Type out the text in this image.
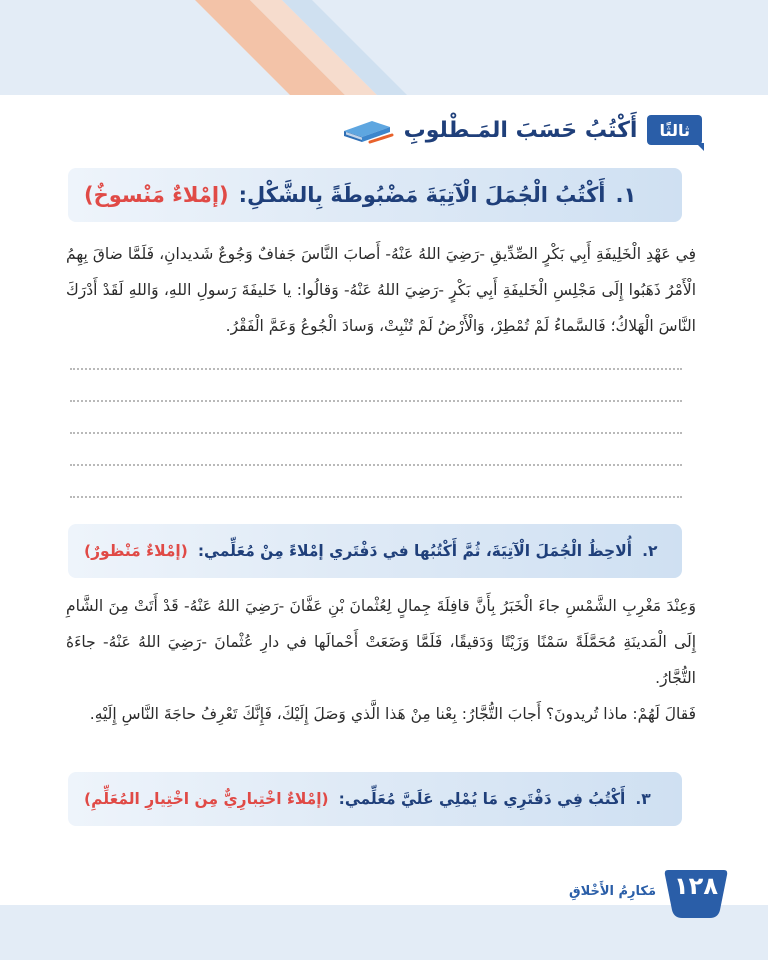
ثالثًا
أَكْتُبُ حَسَبَ المَـطْلوبِ
١.
أَكْتُبُ الْجُمَلَ الْآتِيَةَ مَضْبُوطَةً بِالشَّكْلِ:
(إمْلاءٌ مَنْسوخٌ)
فِي عَهْدِ الْخَلِيفَةِ أَبِي بَكْرٍ الصِّدِّيقِ -رَضِيَ اللهُ عَنْهُ- أَصابَ النَّاسَ جَفافٌ وَجُوعٌ شَديدانِ، فَلَمَّا ضاقَ بِهِمُ الْأَمْرُ ذَهَبُوا إِلَى مَجْلِسِ الْخَليفَةِ أَبِي بَكْرٍ -رَضِيَ اللهُ عَنْهُ- وَقالُوا: يا خَليفَةَ رَسولِ اللهِ، وَاللهِ لَقَدْ أَدْرَكَ النَّاسَ الْهَلاكُ؛ فَالسَّماءُ لَمْ تُمْطِرْ، وَالْأَرْضُ لَمْ تُنْبِتْ، وَسادَ الْجُوعُ وَعَمَّ الْفَقْرُ.
٢.
أُلاحِظُ الْجُمَلَ الْآتِيَةَ، ثُمَّ أَكْتُبُها في دَفْتَري إمْلاءً مِنْ مُعَلِّمي:
(إمْلاءٌ مَنْظورٌ)
وَعِنْدَ مَغْرِبِ الشَّمْسِ جاءَ الْخَبَرُ بِأَنَّ قافِلَةَ جِمالٍ لِعُثْمانَ بْنِ عَفَّانَ -رَضِيَ اللهُ عَنْهُ- قَدْ أَتَتْ مِنَ الشَّامِ إِلَى الْمَدينَةِ مُحَمَّلَةً سَمْنًا وَزَيْتًا وَدَقيقًا، فَلَمَّا وَضَعَتْ أَحْمالَها في دارِ عُثْمانَ -رَضِيَ اللهُ عَنْهُ- جاءَهُ التُّجَّارُ.
فَقالَ لَهُمْ: ماذا تُريدونَ؟ أَجابَ التُّجَّارُ: بِعْنا مِنْ هَذا الَّذي وَصَلَ إِلَيْكَ، فَإِنَّكَ تَعْرِفُ حاجَةَ النَّاسِ إِلَيْهِ.
٣.
أَكْتُبُ فِي دَفْتَرِي مَا يُمْلِي عَلَيَّ مُعَلِّمي:
(إمْلاءٌ اخْتِبارِيٌّ مِن اخْتِيارِ المُعَلِّمِ)
١٢٨
مَكارِمُ الأَخْلاقِ
